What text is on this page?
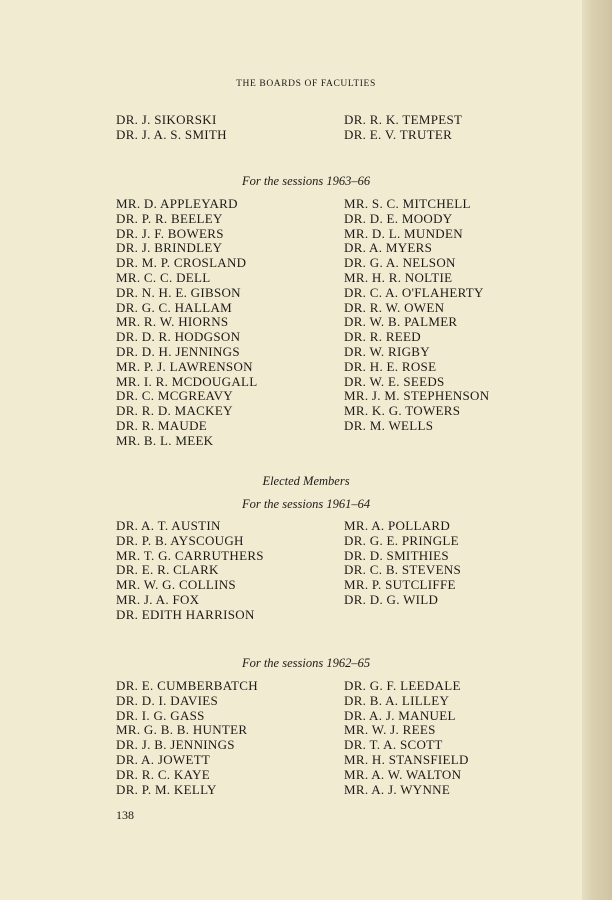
THE BOARDS OF FACULTIES
DR. J. SIKORSKI
DR. J. A. S. SMITH
DR. R. K. TEMPEST
DR. E. V. TRUTER
For the sessions 1963–66
MR. D. APPLEYARD
DR. P. R. BEELEY
DR. J. F. BOWERS
DR. J. BRINDLEY
DR. M. P. CROSLAND
MR. C. C. DELL
DR. N. H. E. GIBSON
DR. G. C. HALLAM
MR. R. W. HIORNS
DR. D. R. HODGSON
DR. D. H. JENNINGS
MR. P. J. LAWRENSON
MR. I. R. MCDOUGALL
DR. C. MCGREAVY
DR. R. D. MACKEY
DR. R. MAUDE
MR. B. L. MEEK
MR. S. C. MITCHELL
DR. D. E. MOODY
MR. D. L. MUNDEN
DR. A. MYERS
DR. G. A. NELSON
MR. H. R. NOLTIE
DR. C. A. O'FLAHERTY
DR. R. W. OWEN
DR. W. B. PALMER
DR. R. REED
DR. W. RIGBY
DR. H. E. ROSE
DR. W. E. SEEDS
MR. J. M. STEPHENSON
MR. K. G. TOWERS
DR. M. WELLS
Elected Members
For the sessions 1961–64
DR. A. T. AUSTIN
DR. P. B. AYSCOUGH
MR. T. G. CARRUTHERS
DR. E. R. CLARK
MR. W. G. COLLINS
MR. J. A. FOX
DR. EDITH HARRISON
MR. A. POLLARD
DR. G. E. PRINGLE
DR. D. SMITHIES
DR. C. B. STEVENS
MR. P. SUTCLIFFE
DR. D. G. WILD
For the sessions 1962–65
DR. E. CUMBERBATCH
DR. D. I. DAVIES
DR. I. G. GASS
MR. G. B. B. HUNTER
DR. J. B. JENNINGS
DR. A. JOWETT
DR. R. C. KAYE
DR. P. M. KELLY
DR. G. F. LEEDALE
DR. B. A. LILLEY
DR. A. J. MANUEL
MR. W. J. REES
DR. T. A. SCOTT
MR. H. STANSFIELD
MR. A. W. WALTON
MR. A. J. WYNNE
138
